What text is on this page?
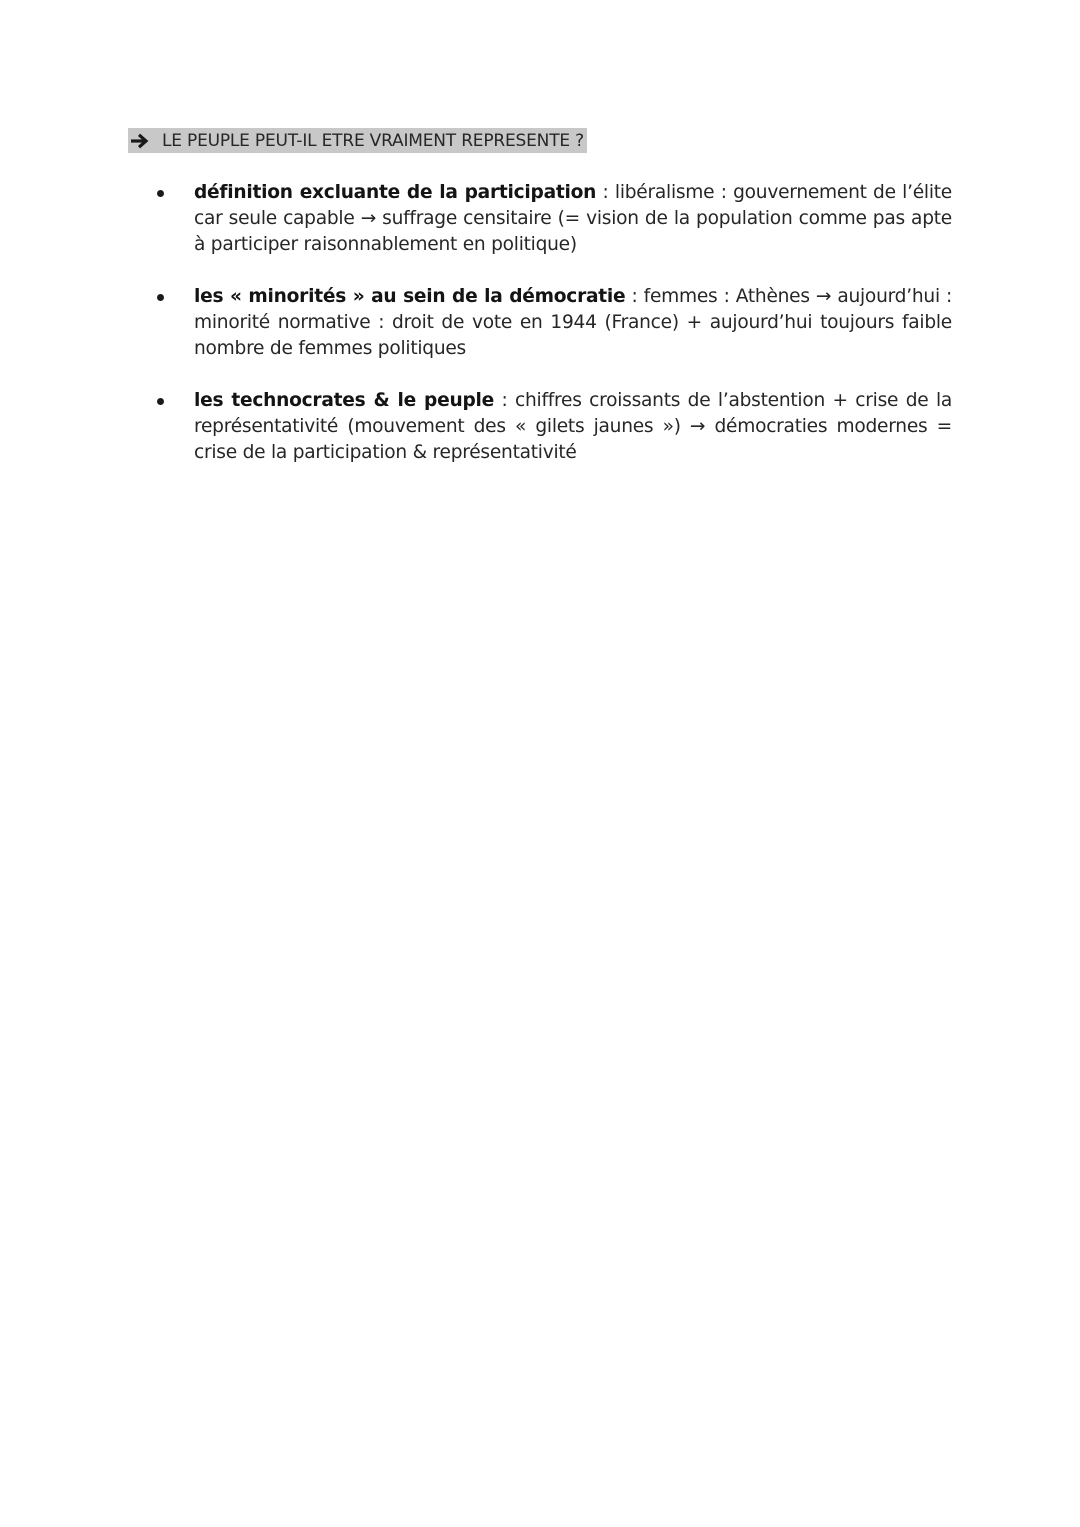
LE PEUPLE PEUT-IL ETRE VRAIMENT REPRESENTE ?
définition excluante de la participation : libéralisme : gouvernement de l’élite car seule capable → suffrage censitaire (= vision de la population comme pas apte à participer raisonnablement en politique)
les « minorités » au sein de la démocratie : femmes : Athènes → aujourd’hui : minorité normative : droit de vote en 1944 (France) + aujourd’hui toujours faible nombre de femmes politiques
les technocrates & le peuple : chiffres croissants de l’abstention + crise de la représentativité (mouvement des « gilets jaunes ») → démocraties modernes = crise de la participation & représentativité
